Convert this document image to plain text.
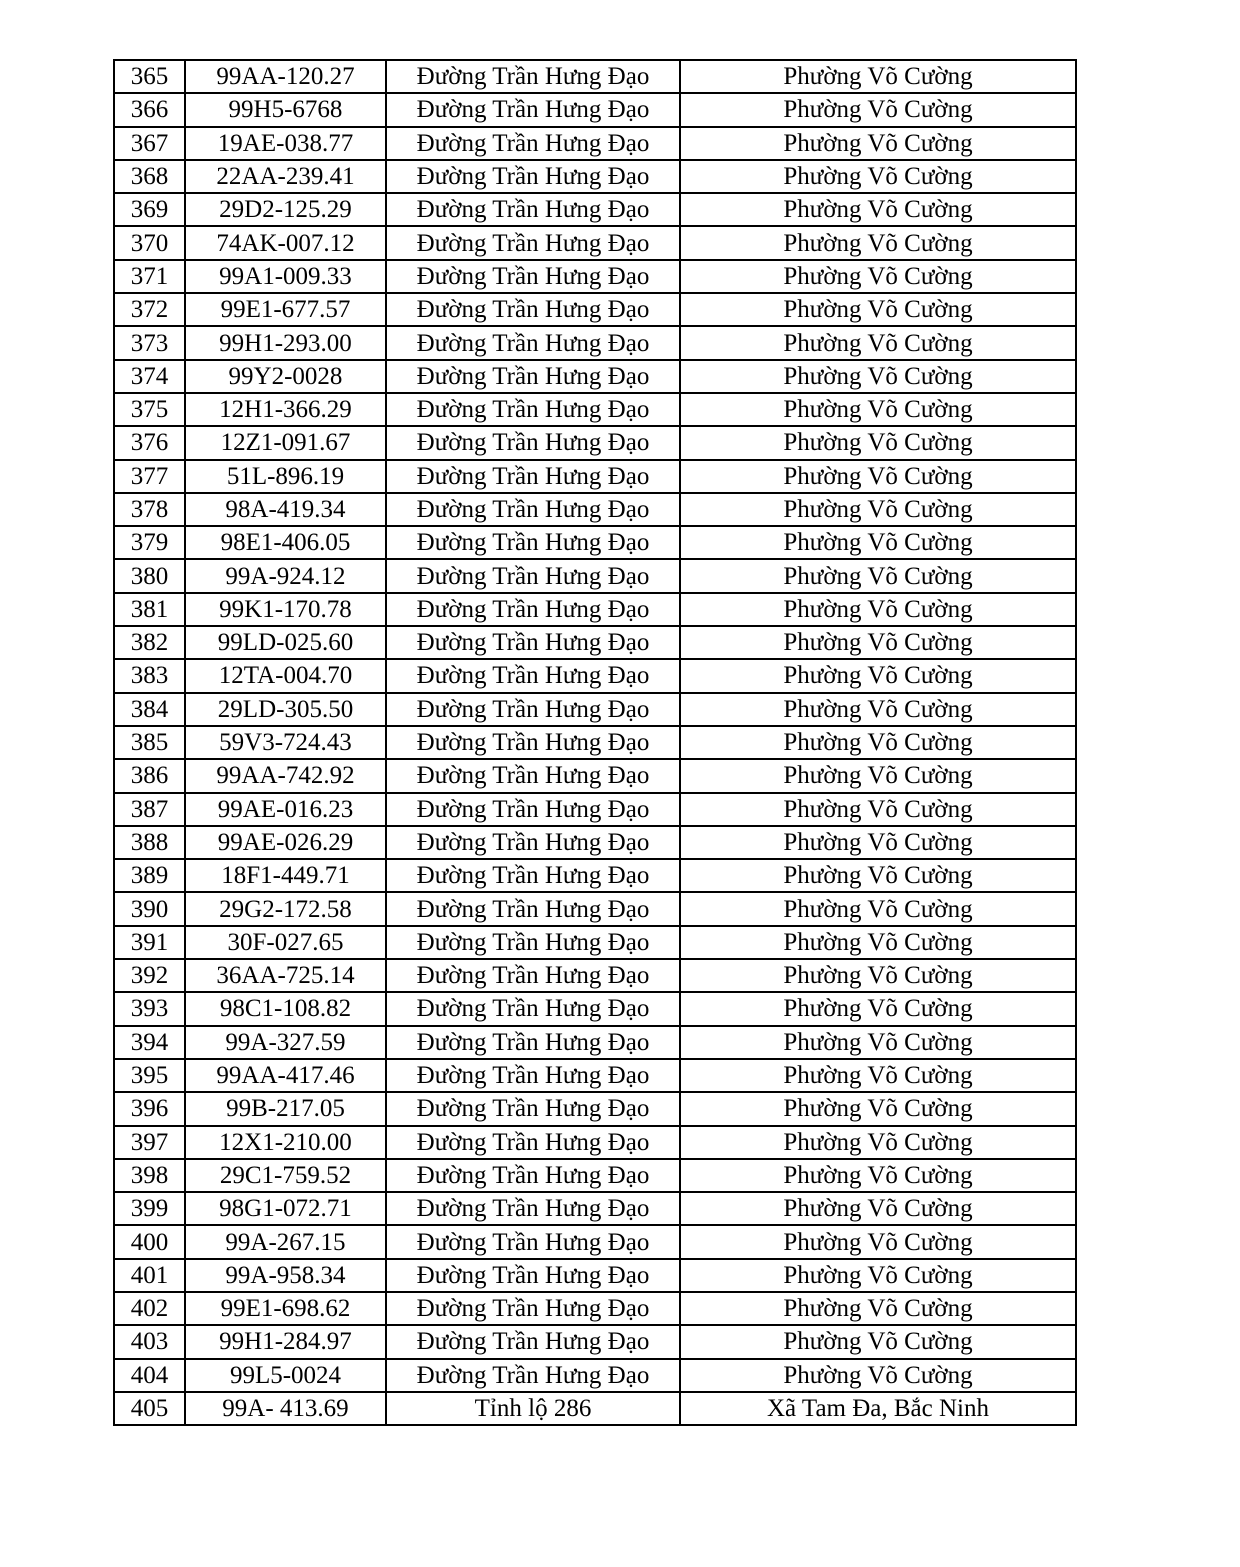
365	99AA-120.27	Đường Trần Hưng Đạo	Phường Võ Cường
366	99H5-6768	Đường Trần Hưng Đạo	Phường Võ Cường
367	19AE-038.77	Đường Trần Hưng Đạo	Phường Võ Cường
368	22AA-239.41	Đường Trần Hưng Đạo	Phường Võ Cường
369	29D2-125.29	Đường Trần Hưng Đạo	Phường Võ Cường
370	74AK-007.12	Đường Trần Hưng Đạo	Phường Võ Cường
371	99A1-009.33	Đường Trần Hưng Đạo	Phường Võ Cường
372	99E1-677.57	Đường Trần Hưng Đạo	Phường Võ Cường
373	99H1-293.00	Đường Trần Hưng Đạo	Phường Võ Cường
374	99Y2-0028	Đường Trần Hưng Đạo	Phường Võ Cường
375	12H1-366.29	Đường Trần Hưng Đạo	Phường Võ Cường
376	12Z1-091.67	Đường Trần Hưng Đạo	Phường Võ Cường
377	51L-896.19	Đường Trần Hưng Đạo	Phường Võ Cường
378	98A-419.34	Đường Trần Hưng Đạo	Phường Võ Cường
379	98E1-406.05	Đường Trần Hưng Đạo	Phường Võ Cường
380	99A-924.12	Đường Trần Hưng Đạo	Phường Võ Cường
381	99K1-170.78	Đường Trần Hưng Đạo	Phường Võ Cường
382	99LD-025.60	Đường Trần Hưng Đạo	Phường Võ Cường
383	12TA-004.70	Đường Trần Hưng Đạo	Phường Võ Cường
384	29LD-305.50	Đường Trần Hưng Đạo	Phường Võ Cường
385	59V3-724.43	Đường Trần Hưng Đạo	Phường Võ Cường
386	99AA-742.92	Đường Trần Hưng Đạo	Phường Võ Cường
387	99AE-016.23	Đường Trần Hưng Đạo	Phường Võ Cường
388	99AE-026.29	Đường Trần Hưng Đạo	Phường Võ Cường
389	18F1-449.71	Đường Trần Hưng Đạo	Phường Võ Cường
390	29G2-172.58	Đường Trần Hưng Đạo	Phường Võ Cường
391	30F-027.65	Đường Trần Hưng Đạo	Phường Võ Cường
392	36AA-725.14	Đường Trần Hưng Đạo	Phường Võ Cường
393	98C1-108.82	Đường Trần Hưng Đạo	Phường Võ Cường
394	99A-327.59	Đường Trần Hưng Đạo	Phường Võ Cường
395	99AA-417.46	Đường Trần Hưng Đạo	Phường Võ Cường
396	99B-217.05	Đường Trần Hưng Đạo	Phường Võ Cường
397	12X1-210.00	Đường Trần Hưng Đạo	Phường Võ Cường
398	29C1-759.52	Đường Trần Hưng Đạo	Phường Võ Cường
399	98G1-072.71	Đường Trần Hưng Đạo	Phường Võ Cường
400	99A-267.15	Đường Trần Hưng Đạo	Phường Võ Cường
401	99A-958.34	Đường Trần Hưng Đạo	Phường Võ Cường
402	99E1-698.62	Đường Trần Hưng Đạo	Phường Võ Cường
403	99H1-284.97	Đường Trần Hưng Đạo	Phường Võ Cường
404	99L5-0024	Đường Trần Hưng Đạo	Phường Võ Cường
405	99A- 413.69	Tỉnh lộ 286	Xã Tam Đa, Bắc Ninh
